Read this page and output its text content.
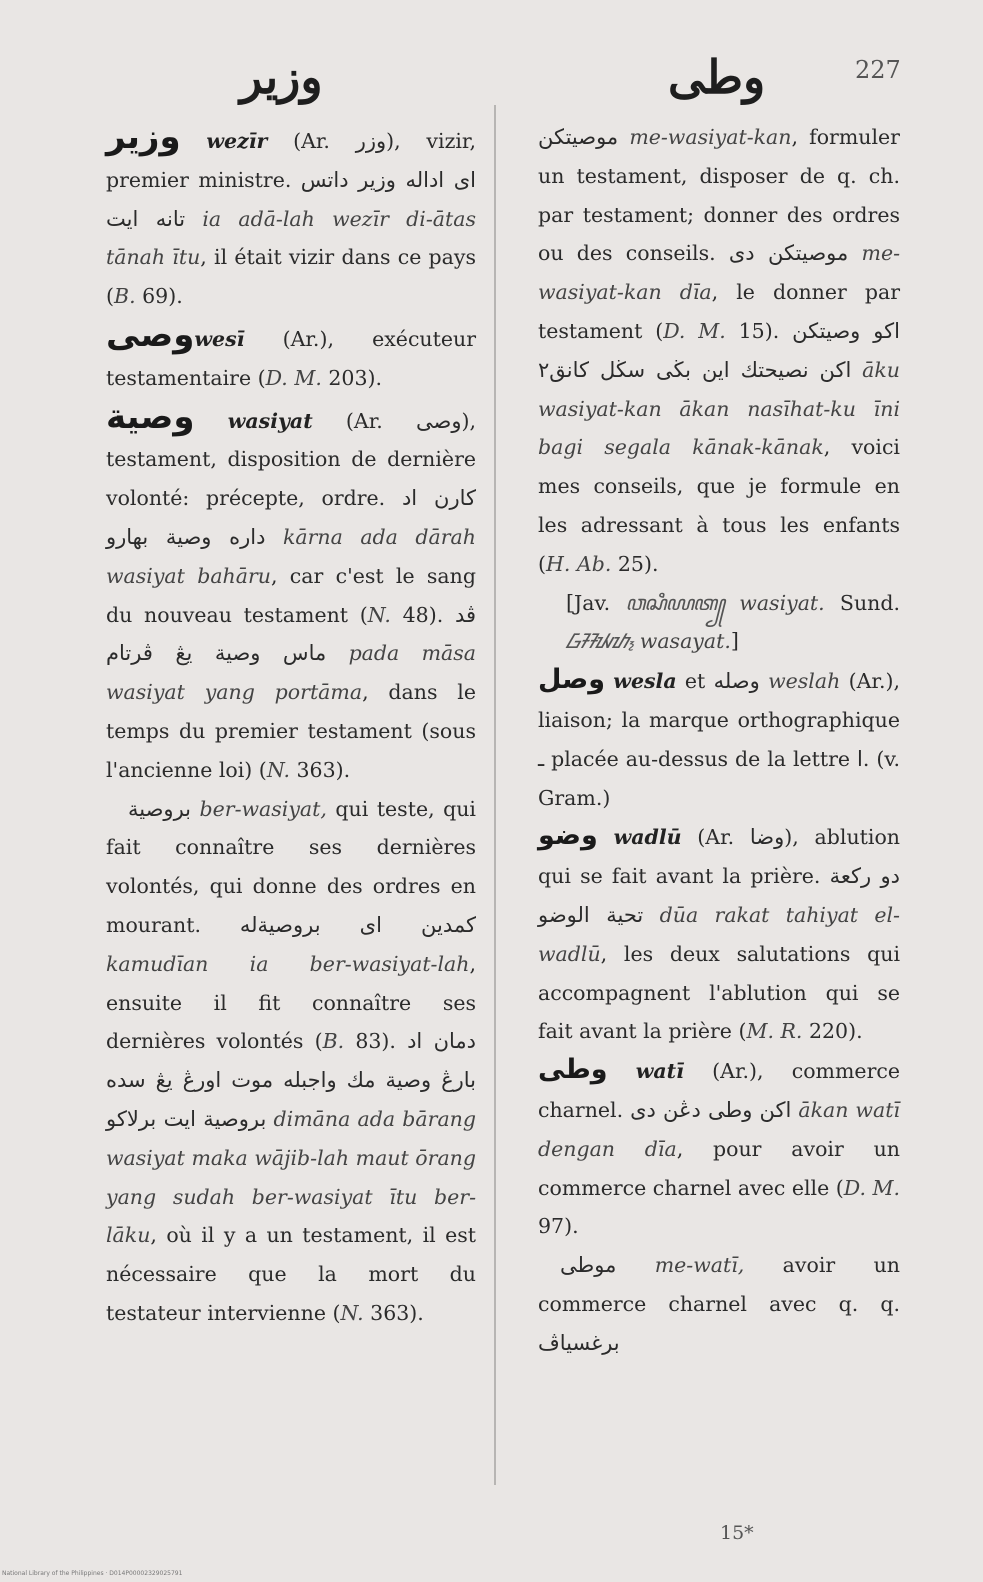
وزير	وطى	227

وزير wezīr (Ar. وزر), vizir, premier ministre. اى اداله وزير داتس تانه ايت ia adā-lah wezīr di-ātas tānah ītu, il était vizir dans ce pays (B. 69).

وصىwesī (Ar.), exécuteur testamentaire (D. M. 203).

وصية wasiyat (Ar. وصى), testament, disposition de dernière volonté: précepte, ordre. كارن اد داره وصية بهارو kārna ada dārah wasiyat bahāru, car c'est le sang du nouveau testament (N. 48). ڤد ماس وصية يڠ ڤرتام pada māsa wasiyat yang portāma, dans le temps du premier testament (sous l'ancienne loi) (N. 363).

بروصية ber-wasiyat, qui teste, qui fait connaître ses dernières volontés, qui donne des ordres en mourant. كمدين اى بروصيةله kamudīan ia ber-wasiyat-lah, ensuite il fit connaître ses dernières volontés (B. 83). دمان اد بارڠ وصية مك واجبله موت اورڠ يڠ سده بروصية ايت برلاكو dimāna ada bārang wasiyat maka wājib-lah maut ōrang yang sudah ber-wasiyat ītu ber-lāku, où il y a un testament, il est nécessaire que la mort du testateur intervienne (N. 363).

موصيتكن me-wasiyat-kan, formuler un testament, disposer de q. ch. par testament; donner des ordres ou des conseils. موصيتكن دى me-wasiyat-kan dīa, le donner par testament (D. M. 15). اكو وصيتكن اكن نصيحتك اين بڬى سڬل كانق٢ āku wasiyat-kan ākan nasīhat-ku īni bagi segala kānak-kānak, voici mes conseils, que je formule en les adressant à tous les enfants (H. Ab. 25).

[Jav. ꦮꦱꦶꦪꦠ꧀ wasiyat. Sund. ᮝᮞᮚᮒ᮪ wasayat.]

وصل wesla et وصله weslah (Ar.), liaison; la marque orthographique ـ placée au-dessus de la lettre ا. (v. Gram.)

وضو wadlū (Ar. وضا), ablution qui se fait avant la prière. دو ركعة تحية الوضو dūa rakat tahiyat el-wadlū, les deux salutations qui accompagnent l'ablution qui se fait avant la prière (M. R. 220).

وطى watī (Ar.), commerce charnel. اكن وطى دڠن دى ākan watī dengan dīa, pour avoir un commerce charnel avec elle (D. M. 97).

موطى me-watī, avoir un commerce charnel avec q. q. برغسياڤ

15*
National Library of the Philippines · D014P00002329025791
